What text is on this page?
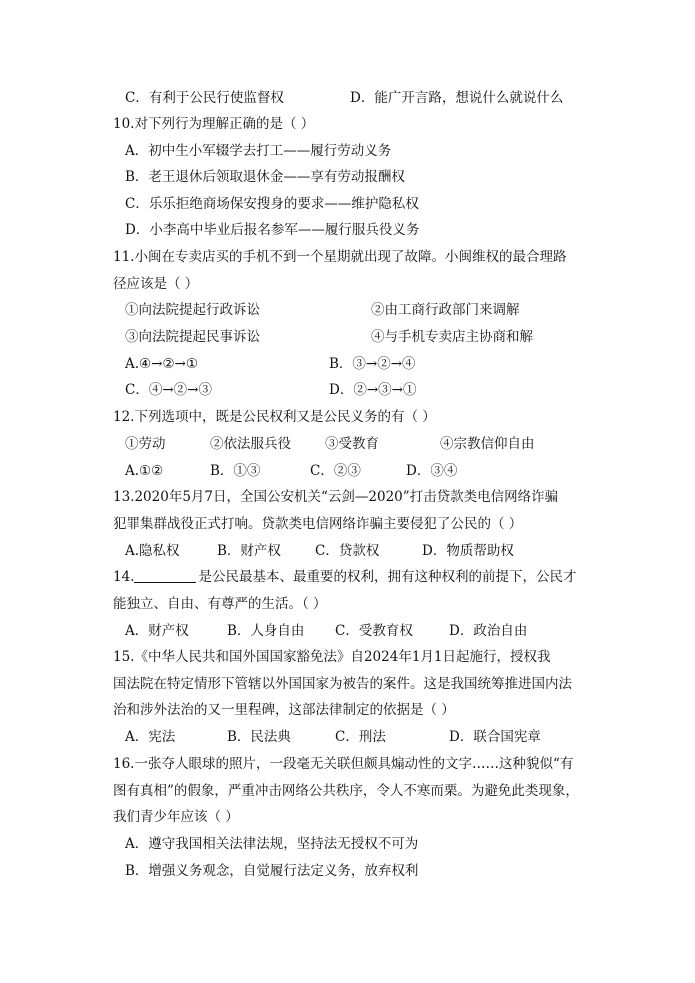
C．有利于公民行使监督权	D．能广开言路，想说什么就说什么
10.对下列行为理解正确的是（ ）
A．初中生小军辍学去打工——履行劳动义务
B．老王退休后领取退休金——享有劳动报酬权
C．乐乐拒绝商场保安搜身的要求——维护隐私权
D．小李高中毕业后报名参军——履行服兵役义务
11.小闽在专卖店买的手机不到一个星期就出现了故障。小闽维权的最合理路
径应该是（ ）
①向法院提起行政诉讼	②由工商行政部门来调解
③向法院提起民事诉讼	④与手机专卖店主协商和解
A.④→②→①	B．③→②→④
C．④→②→③	D．②→③→①
12.下列选项中，既是公民权利又是公民义务的有（ ）
①劳动	②依法服兵役	③受教育	④宗教信仰自由
A.①②	B．①③	C．②③	D．③④
13.2020年5月7日，全国公安机关“云剑—2020”打击贷款类电信网络诈骗
犯罪集群战役正式打响。贷款类电信网络诈骗主要侵犯了公民的（ ）
A.隐私权	B．财产权	C．贷款权	D．物质帮助权
14.	是公民最基本、最重要的权利，拥有这种权利的前提下，公民才
能独立、自由、有尊严的生活。（ ）
A．财产权	B．人身自由 C．受教育权	D．政治自由
15.《中华人民共和国外国国家豁免法》自2024年1月1日起施行，授权我
国法院在特定情形下管辖以外国国家为被告的案件。这是我国统筹推进国内法
治和涉外法治的又一里程碑，这部法律制定的依据是（ ）
A．宪法	B．民法典	C．刑法	D．联合国宪章
16.一张夺人眼球的照片，一段毫无关联但颇具煽动性的文字……这种貌似“有
图有真相”的假象，严重冲击网络公共秩序，令人不寒而栗。为避免此类现象，
我们青少年应该（ ）
A．遵守我国相关法律法规，坚持法无授权不可为
B．增强义务观念，自觉履行法定义务，放弃权利
